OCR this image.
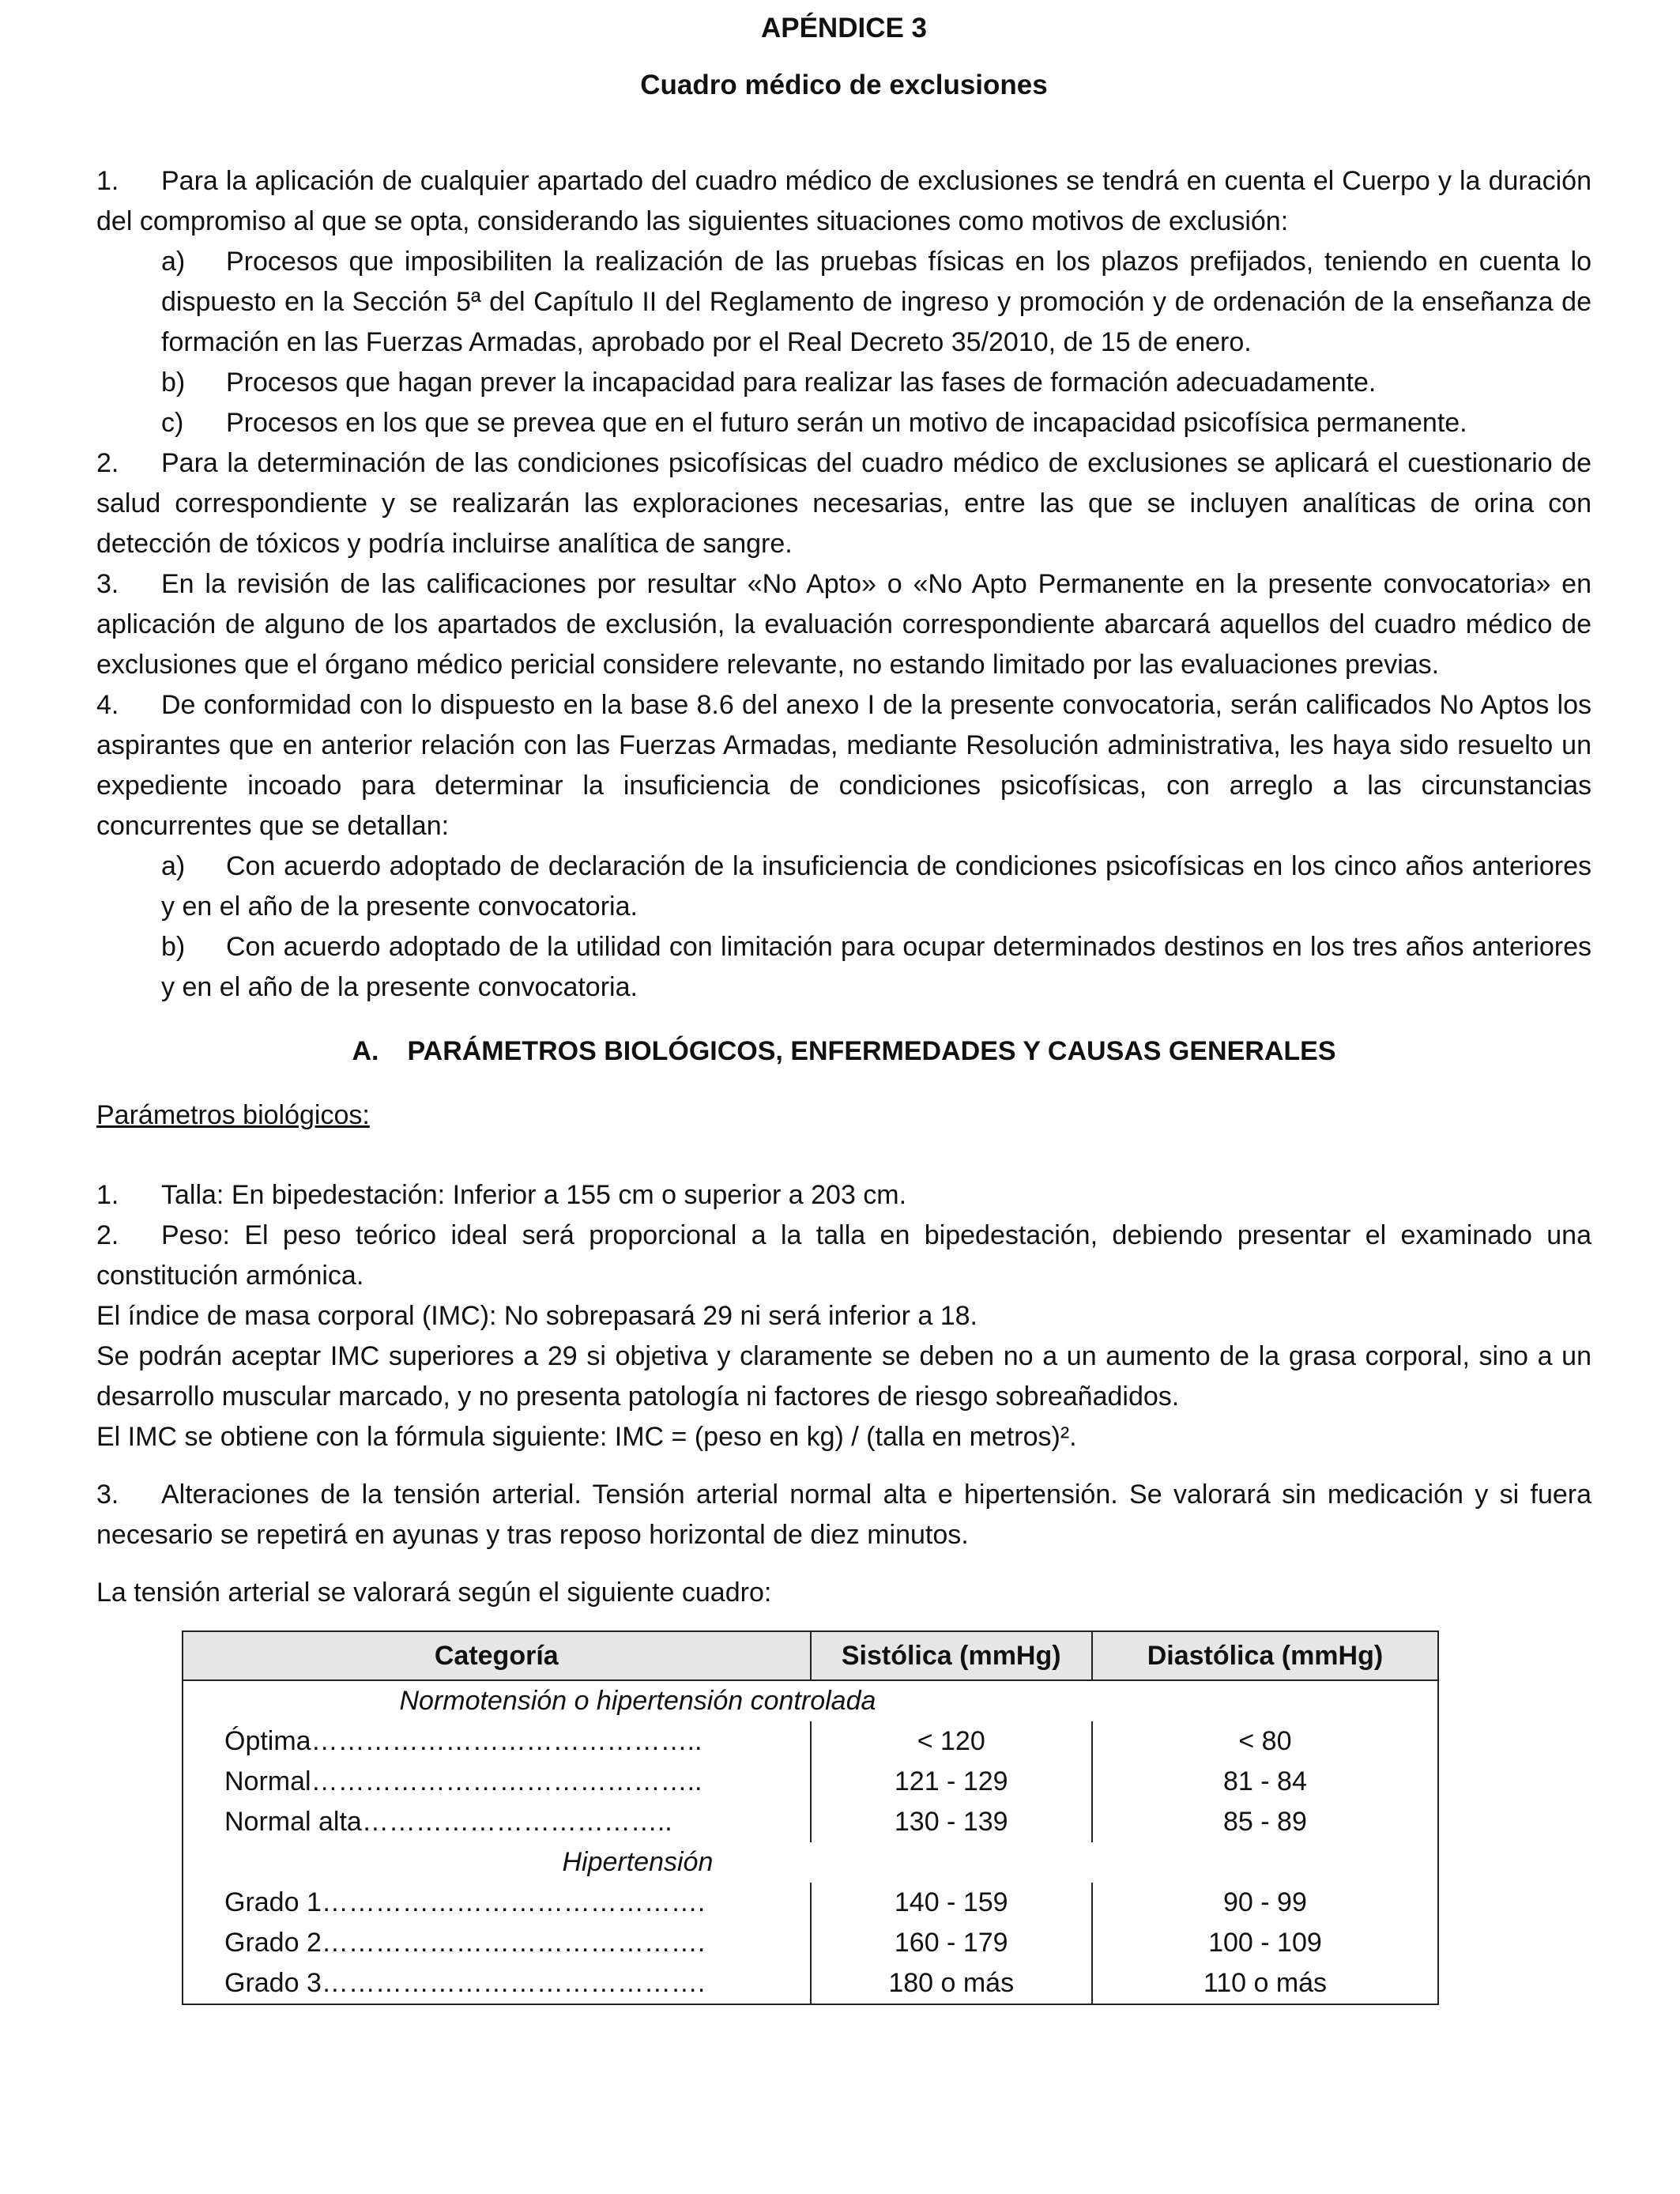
APÉNDICE 3
Cuadro médico de exclusiones

1. Para la aplicación de cualquier apartado del cuadro médico de exclusiones se tendrá en cuenta el Cuerpo y la duración del compromiso al que se opta, considerando las siguientes situaciones como motivos de exclusión:

a) Procesos que imposibiliten la realización de las pruebas físicas en los plazos prefijados, teniendo en cuenta lo dispuesto en la Sección 5ª del Capítulo II del Reglamento de ingreso y promoción y de ordenación de la enseñanza de formación en las Fuerzas Armadas, aprobado por el Real Decreto 35/2010, de 15 de enero.

b) Procesos que hagan prever la incapacidad para realizar las fases de formación adecuadamente.

c) Procesos en los que se prevea que en el futuro serán un motivo de incapacidad psicofísica permanente.

2. Para la determinación de las condiciones psicofísicas del cuadro médico de exclusiones se aplicará el cuestionario de salud correspondiente y se realizarán las exploraciones necesarias, entre las que se incluyen analíticas de orina con detección de tóxicos y podría incluirse analítica de sangre.

3. En la revisión de las calificaciones por resultar «No Apto» o «No Apto Permanente en la presente convocatoria» en aplicación de alguno de los apartados de exclusión, la evaluación correspondiente abarcará aquellos del cuadro médico de exclusiones que el órgano médico pericial considere relevante, no estando limitado por las evaluaciones previas.

4. De conformidad con lo dispuesto en la base 8.6 del anexo I de la presente convocatoria, serán calificados No Aptos los aspirantes que en anterior relación con las Fuerzas Armadas, mediante Resolución administrativa, les haya sido resuelto un expediente incoado para determinar la insuficiencia de condiciones psicofísicas, con arreglo a las circunstancias concurrentes que se detallan:

a) Con acuerdo adoptado de declaración de la insuficiencia de condiciones psicofísicas en los cinco años anteriores y en el año de la presente convocatoria.

b) Con acuerdo adoptado de la utilidad con limitación para ocupar determinados destinos en los tres años anteriores y en el año de la presente convocatoria.

A. PARÁMETROS BIOLÓGICOS, ENFERMEDADES Y CAUSAS GENERALES

Parámetros biológicos:

1. Talla: En bipedestación: Inferior a 155 cm o superior a 203 cm.

2. Peso: El peso teórico ideal será proporcional a la talla en bipedestación, debiendo presentar el examinado una constitución armónica.

El índice de masa corporal (IMC): No sobrepasará 29 ni será inferior a 18.

Se podrán aceptar IMC superiores a 29 si objetiva y claramente se deben no a un aumento de la grasa corporal, sino a un desarrollo muscular marcado, y no presenta patología ni factores de riesgo sobreañadidos.

El IMC se obtiene con la fórmula siguiente: IMC = (peso en kg) / (talla en metros)².

3. Alteraciones de la tensión arterial. Tensión arterial normal alta e hipertensión. Se valorará sin medicación y si fuera necesario se repetirá en ayunas y tras reposo horizontal de diez minutos.

La tensión arterial se valorará según el siguiente cuadro:

Categoría	Sistólica (mmHg)	Diastólica (mmHg)
Normotensión o hipertensión controlada		
Óptima……………………………………..	< 120	< 80
Normal……………………………………..	121 - 129	81 - 84
Normal alta……………………………..	130 - 139	85 - 89
Hipertensión		
Grado 1…………………………………….	140 - 159	90 - 99
Grado 2…………………………………….	160 - 179	100 - 109
Grado 3…………………………………….	180 o más	110 o más
